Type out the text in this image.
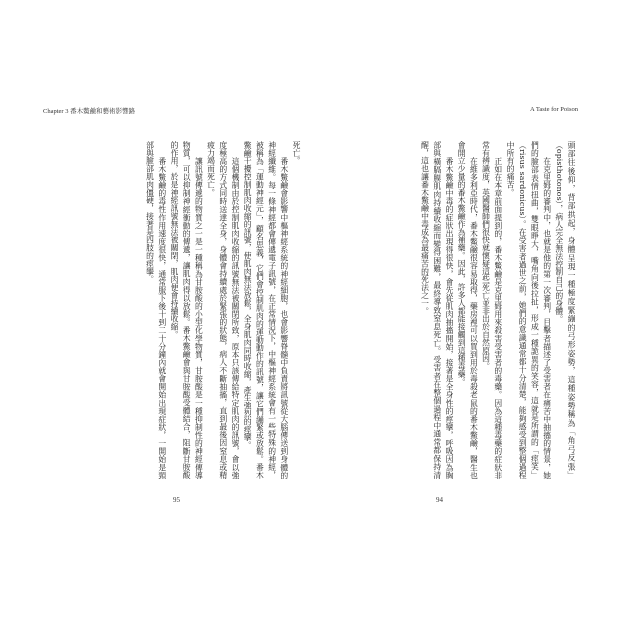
Chapter 3 番木鱉鹼和藝術影響路	A Taste for Poison

死亡。

番木鱉鹼會影響中樞神經系統的神經細胞，也會影響脊髓中負責將訊號從大腦傳送到身體的神經纖維。每一條神經都會傳遞電子訊號，在正常情況下，中樞神經系統會有一些特殊的神經，被稱為「運動神經元」，顧名思義，它們會控制肌肉的運動動作的訊號，讓它們繃緊或放鬆。番木鱉鹼干擾控制肌肉收縮的訊號，使肌肉無法放鬆，全身肌肉同時收縮，產生強烈的痙攣。

這個機制由於控制肌肉收縮的訊號無法被關閉所致，原本只該傳給特定肌肉的訊號，會以強度極高的方式同時送達全身，身體會持續處於緊張的狀態，病人不斷抽搐，直到最後因窒息或精疲力竭而死亡。

讓訊號傳遞的物質之一是一種稱為甘胺酸的小型化學物質，甘胺酸是一種抑制性的神經傳導物質，可以抑制神經衝動的傳遞，讓肌肉得以放鬆。番木鱉鹼會與甘胺酸受體結合，阻斷甘胺酸的作用，於是神經訊號無法被關閉，肌肉便會持續收縮。

番木鱉鹼的毒性作用速度很快，通常服下後十到二十分鐘內就會開始出現症狀，一開始是頸部與臉部肌肉僵硬，接著是四肢的痙攣。	頭部往後仰，背部拱起，身體呈現一種極度緊繃的弓形姿勢，這種姿勢稱為「角弓反張」（opisthotonos），病人完全無法控制自己的身體。

在克里姆的審判中，也就是他的第一次審判，目擊者描述了受害者在痛苦中抽搐的情景，她們的臉部表情扭曲，雙眼睜大，嘴角向後拉扯，形成一種詭異的笑容，這就是所謂的「痙笑」（risus sardonicus）。在受害者過世之前，她們的意識通常都十分清楚，能夠感受到整個過程中所有的痛苦。

正如在本章前面提到的，番木鱉鹼是克里姆用來殺害受害者的毒藥。因為這種毒藥的症狀非常有辨識度，英國醫師們很快就懷疑這些死亡並非出於自然原因。

在維多利亞時代，番木鱉鹼很容易取得，藥房裡可以買到用於毒殺老鼠的番木鱉鹼，醫生也會開立少量的番木鱉鹼作為補藥。因此，許多人都能接觸到這種毒藥。

番木鱉鹼中毒的症狀出現得很快，會先從肌肉抽搐開始，接著是全身性的痙攣，呼吸因為胸部與橫膈膜肌肉持續收縮而變得困難，最終導致窒息死亡。受害者在整個過程中通常都保持清醒，這也讓番木鱉鹼中毒成為最痛苦的死法之一。

95	94
